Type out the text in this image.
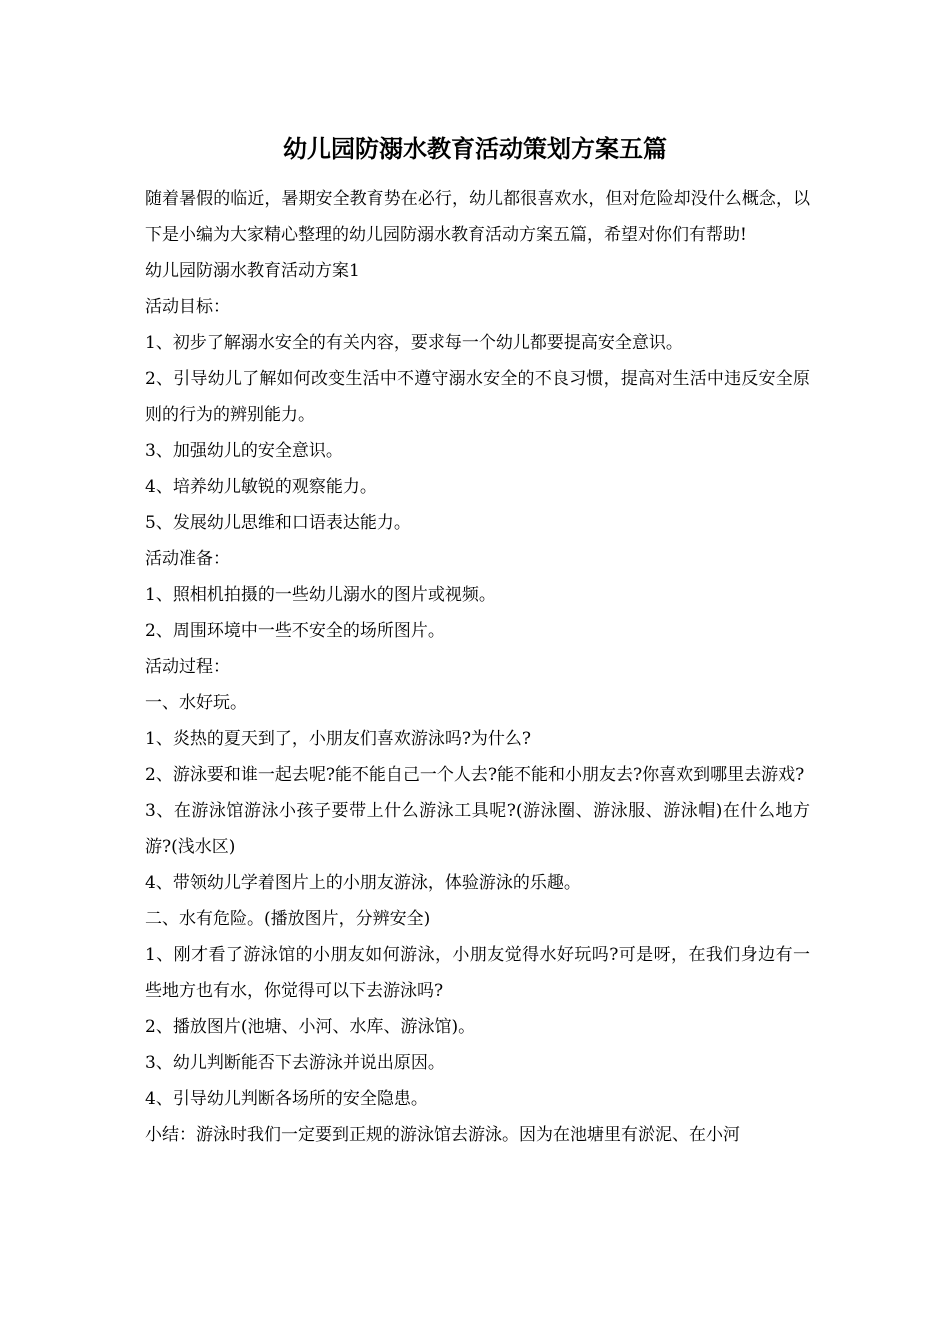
幼儿园防溺水教育活动策划方案五篇

随着暑假的临近，暑期安全教育势在必行，幼儿都很喜欢水，但对危险却没什么概念，以下是小编为大家精心整理的幼儿园防溺水教育活动方案五篇，希望对你们有帮助!

幼儿园防溺水教育活动方案1

活动目标：

1、初步了解溺水安全的有关内容，要求每一个幼儿都要提高安全意识。

2、引导幼儿了解如何改变生活中不遵守溺水安全的不良习惯，提高对生活中违反安全原则的行为的辨别能力。

3、加强幼儿的安全意识。

4、培养幼儿敏锐的观察能力。

5、发展幼儿思维和口语表达能力。

活动准备：

1、照相机拍摄的一些幼儿溺水的图片或视频。

2、周围环境中一些不安全的场所图片。

活动过程：

一、水好玩。

1、炎热的夏天到了，小朋友们喜欢游泳吗?为什么?

2、游泳要和谁一起去呢?能不能自己一个人去?能不能和小朋友去?你喜欢到哪里去游戏?

3、在游泳馆游泳小孩子要带上什么游泳工具呢?(游泳圈、游泳服、游泳帽)在什么地方游?(浅水区)

4、带领幼儿学着图片上的小朋友游泳，体验游泳的乐趣。

二、水有危险。(播放图片，分辨安全)

1、刚才看了游泳馆的小朋友如何游泳，小朋友觉得水好玩吗?可是呀，在我们身边有一些地方也有水，你觉得可以下去游泳吗?

2、播放图片(池塘、小河、水库、游泳馆)。

3、幼儿判断能否下去游泳并说出原因。

4、引导幼儿判断各场所的安全隐患。

小结：游泳时我们一定要到正规的游泳馆去游泳。因为在池塘里有淤泥、在小河
